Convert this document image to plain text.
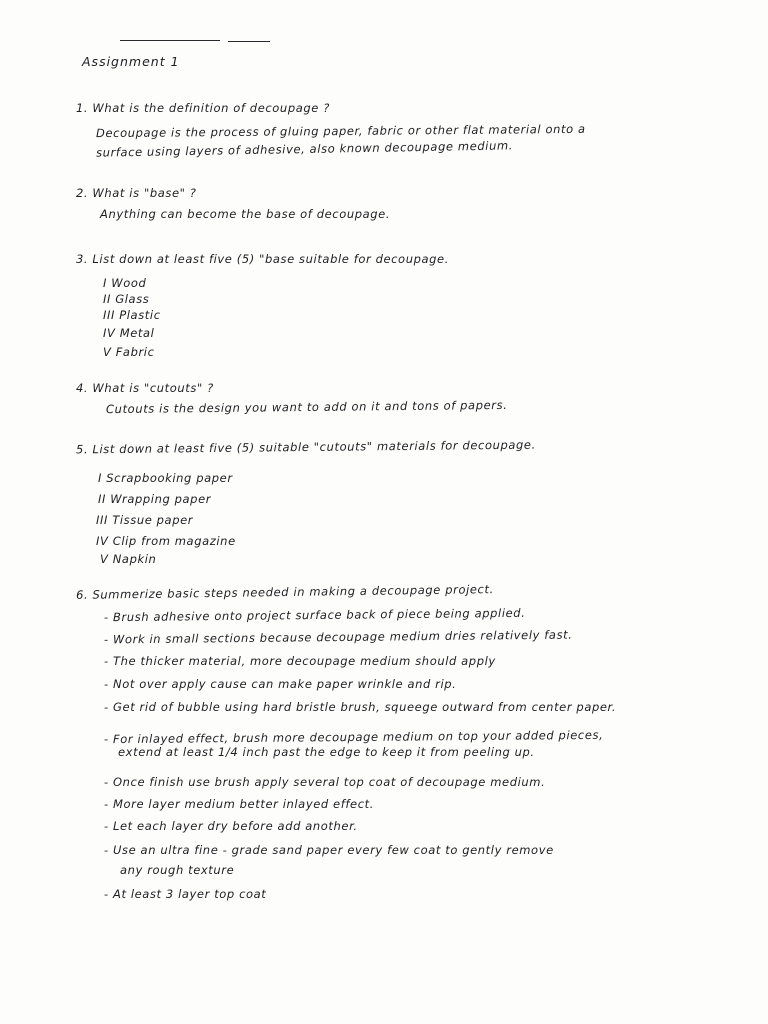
Assignment 1
1. What is the definition of decoupage ?
Decoupage is the process of gluing paper, fabric or other flat material onto a
surface using layers of adhesive, also known decoupage medium.
2. What is "base" ?
Anything can become the base of decoupage.
3. List down at least five (5) "base suitable for decoupage.
I Wood
II Glass
III Plastic
IV Metal
V Fabric
4. What is "cutouts" ?
Cutouts is the design you want to add on it and tons of papers.
5. List down at least five (5) suitable "cutouts" materials for decoupage.
I Scrapbooking paper
II Wrapping paper
III Tissue paper
IV Clip from magazine
V Napkin
6. Summerize basic steps needed in making a decoupage project.
- Brush adhesive onto project surface back of piece being applied.
- Work in small sections because decoupage medium dries relatively fast.
- The thicker material, more decoupage medium should apply
- Not over apply cause can make paper wrinkle and rip.
- Get rid of bubble using hard bristle brush, squeege outward from center paper.
- For inlayed effect, brush more decoupage medium on top your added pieces,
extend at least 1/4 inch past the edge to keep it from peeling up.
- Once finish use brush apply several top coat of decoupage medium.
- More layer medium better inlayed effect.
- Let each layer dry before add another.
- Use an ultra fine - grade sand paper every few coat to gently remove
any rough texture
- At least 3 layer top coat
